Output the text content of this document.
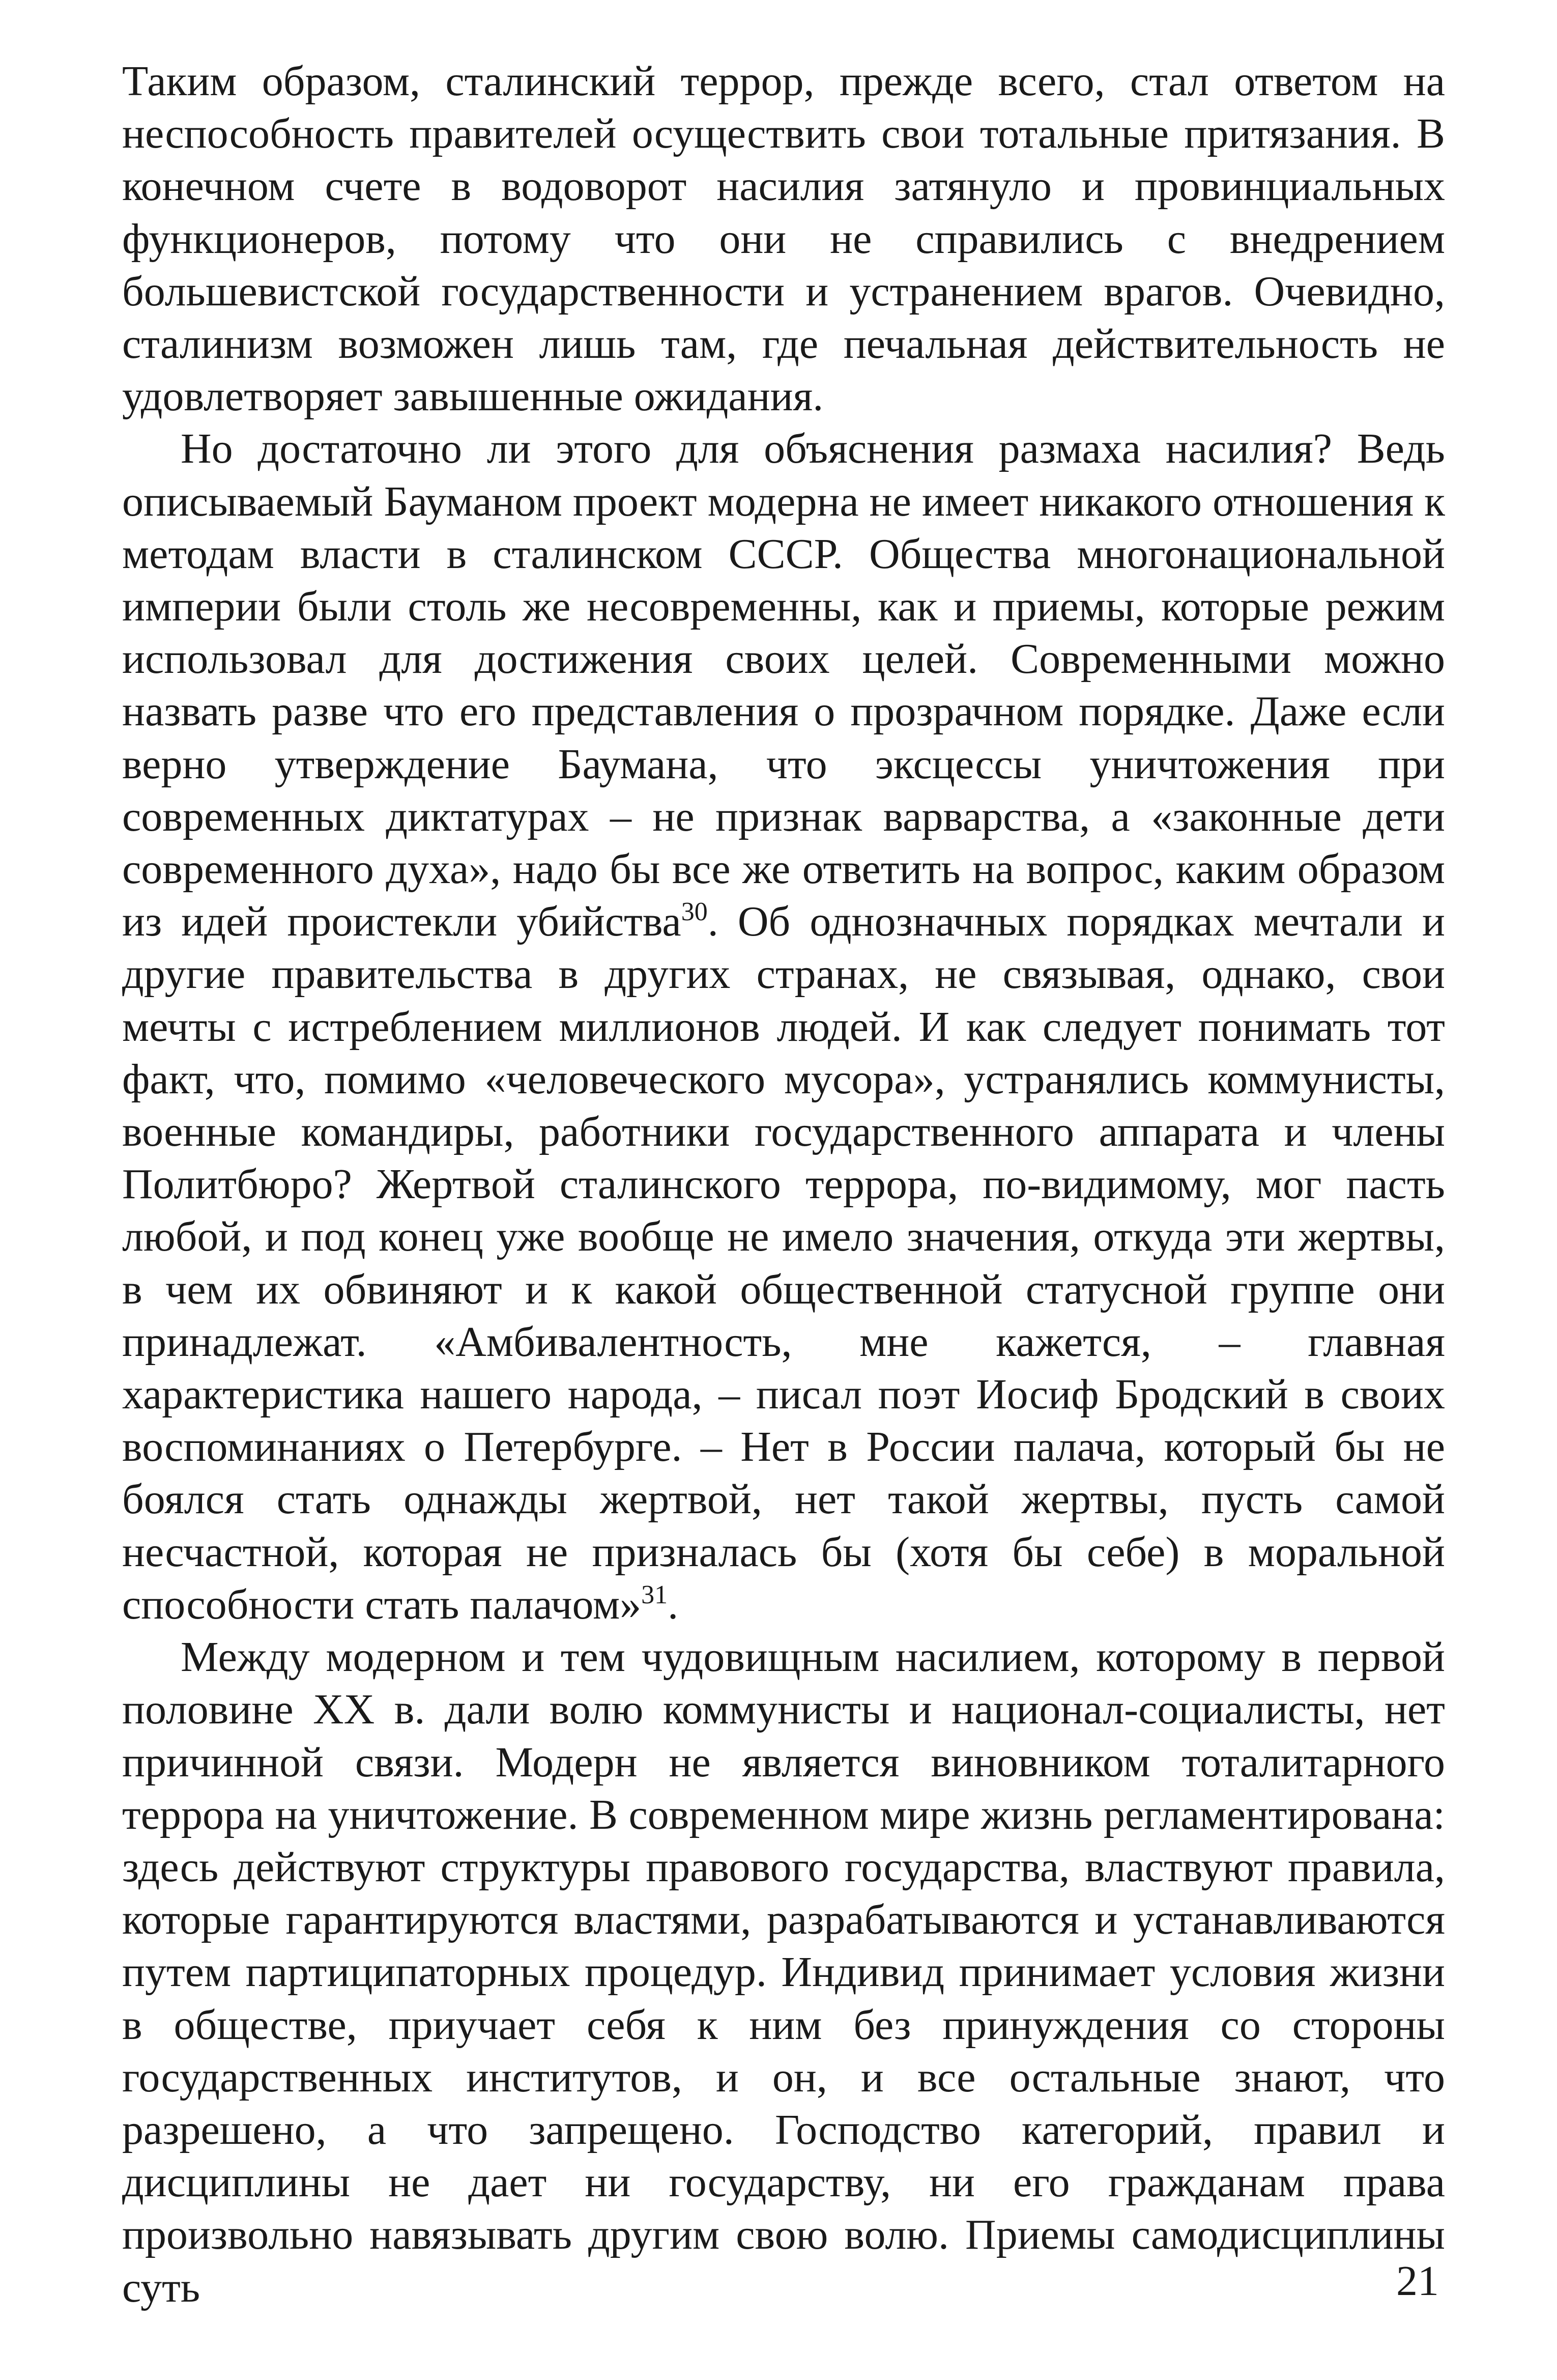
Таким образом, сталинский террор, прежде всего, стал ответом на неспособность правителей осуществить свои тотальные притязания. В конечном счете в водоворот насилия затянуло и провинциальных функционеров, потому что они не справились с внедрением большевистской государственности и устранением врагов. Очевидно, сталинизм возможен лишь там, где печальная действительность не удовлетворяет завышенные ожидания.

Но достаточно ли этого для объяснения размаха насилия? Ведь описываемый Бауманом проект модерна не имеет никакого отношения к методам власти в сталинском СССР. Общества многонациональной империи были столь же несовременны, как и приемы, которые режим использовал для достижения своих целей. Современными можно назвать разве что его представления о прозрачном порядке. Даже если верно утверждение Баумана, что эксцессы уничтожения при современных диктатурах – не признак варварства, а «законные дети современного духа», надо бы все же ответить на вопрос, каким образом из идей проистекли убийства$^{30}$. Об однозначных порядках мечтали и другие правительства в других странах, не связывая, однако, свои мечты с истреблением миллионов людей. И как следует понимать тот факт, что, помимо «человеческого мусора», устранялись коммунисты, военные командиры, работники государственного аппарата и члены Политбюро? Жертвой сталинского террора, по-видимому, мог пасть любой, и под конец уже вообще не имело значения, откуда эти жертвы, в чем их обвиняют и к какой общественной статусной группе они принадлежат. «Амбивалентность, мне кажется, – главная характеристика нашего народа, – писал поэт Иосиф Бродский в своих воспоминаниях о Петербурге. – Нет в России палача, который бы не боялся стать однажды жертвой, нет такой жертвы, пусть самой несчастной, которая не призналась бы (хотя бы себе) в моральной способности стать палачом»$^{31}$.

Между модерном и тем чудовищным насилием, которому в первой половине XX в. дали волю коммунисты и национал-социалисты, нет причинной связи. Модерн не является виновником тоталитарного террора на уничтожение. В современном мире жизнь регламентирована: здесь действуют структуры правового государства, властвуют правила, которые гарантируются властями, разрабатываются и устанавливаются путем партиципаторных процедур. Индивид принимает условия жизни в обществе, приучает себя к ним без принуждения со стороны государственных институтов, и он, и все остальные знают, что разрешено, а что запрещено. Господство категорий, правил и дисциплины не дает ни государству, ни его гражданам права произвольно навязывать другим свою волю. Приемы самодисциплины суть	21
